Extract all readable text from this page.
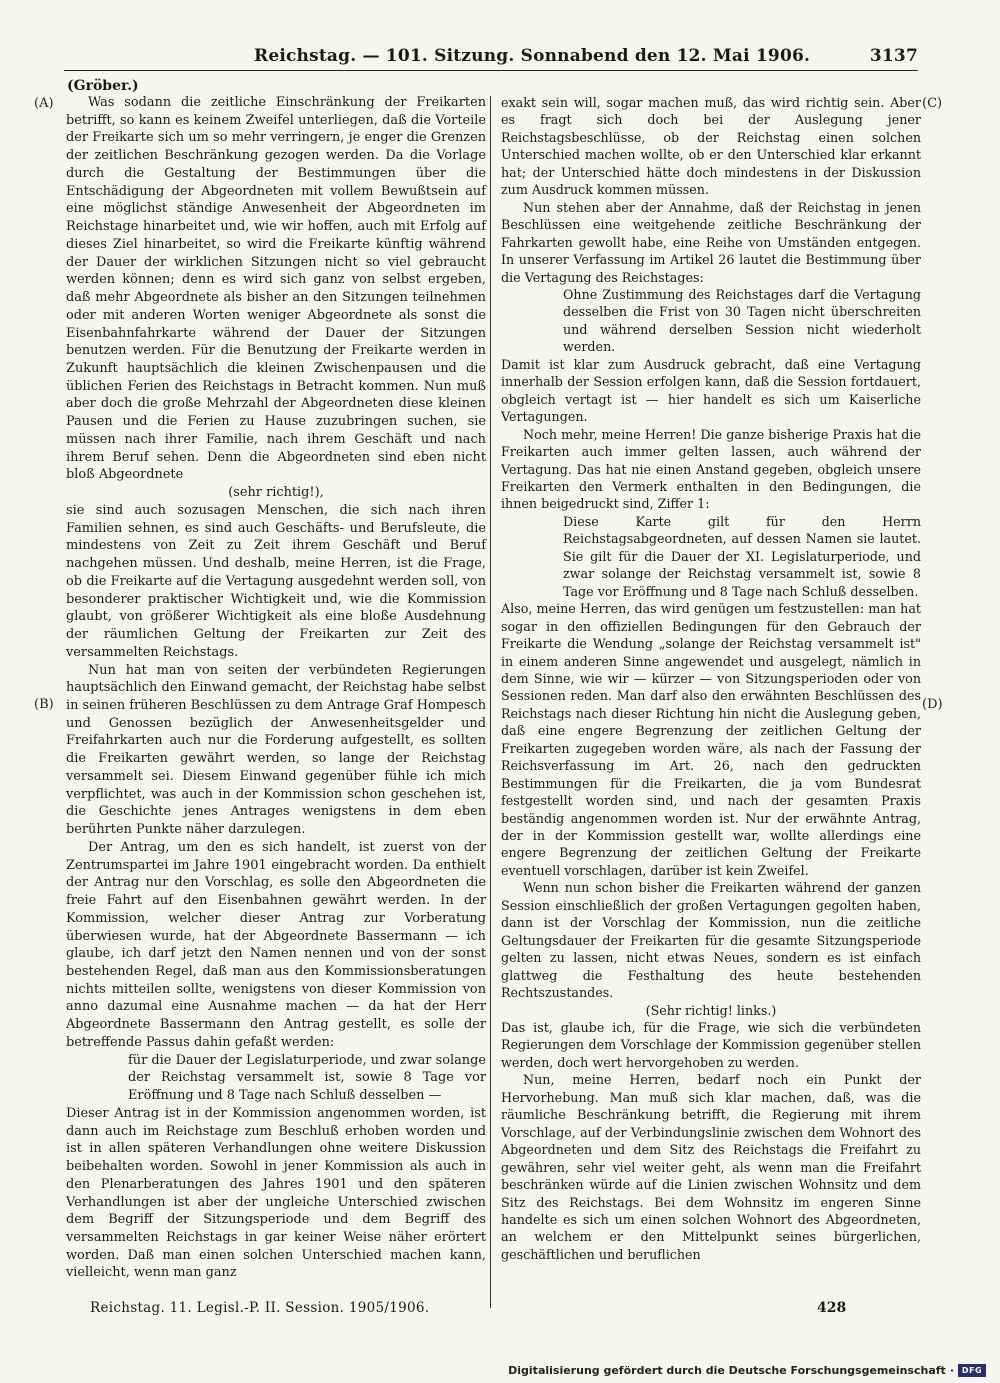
Reichstag. — 101. Sitzung. Sonnabend den 12. Mai 1906.	3137
(Gröber.)
(A)
(B)
(C)
(D)

Was sodann die zeitliche Einschränkung der Freikarten betrifft, so kann es keinem Zweifel unterliegen, daß die Vorteile der Freikarte sich um so mehr verringern, je enger die Grenzen der zeitlichen Beschränkung gezogen werden. Da die Vorlage durch die Gestaltung der Bestimmungen über die Entschädigung der Abgeordneten mit vollem Bewußtsein auf eine möglichst ständige Anwesenheit der Abgeordneten im Reichstage hinarbeitet und, wie wir hoffen, auch mit Erfolg auf dieses Ziel hinarbeitet, so wird die Freikarte künftig während der Dauer der wirklichen Sitzungen nicht so viel gebraucht werden können; denn es wird sich ganz von selbst ergeben, daß mehr Abgeordnete als bisher an den Sitzungen teilnehmen oder mit anderen Worten weniger Abgeordnete als sonst die Eisenbahnfahrkarte während der Dauer der Sitzungen benutzen werden. Für die Benutzung der Freikarte werden in Zukunft hauptsächlich die kleinen Zwischenpausen und die üblichen Ferien des Reichstags in Betracht kommen. Nun muß aber doch die große Mehrzahl der Abgeordneten diese kleinen Pausen und die Ferien zu Hause zuzubringen suchen, sie müssen nach ihrer Familie, nach ihrem Geschäft und nach ihrem Beruf sehen. Denn die Abgeordneten sind eben nicht bloß Abgeordnete

(sehr richtig!),

sie sind auch sozusagen Menschen, die sich nach ihren Familien sehnen, es sind auch Geschäfts- und Berufsleute, die mindestens von Zeit zu Zeit ihrem Geschäft und Beruf nachgehen müssen. Und deshalb, meine Herren, ist die Frage, ob die Freikarte auf die Vertagung ausgedehnt werden soll, von besonderer praktischer Wichtigkeit und, wie die Kommission glaubt, von größerer Wichtigkeit als eine bloße Ausdehnung der räumlichen Geltung der Freikarten zur Zeit des versammelten Reichstags.

Nun hat man von seiten der verbündeten Regierungen hauptsächlich den Einwand gemacht, der Reichstag habe selbst in seinen früheren Beschlüssen zu dem Antrage Graf Hompesch und Genossen bezüglich der Anwesenheitsgelder und Freifahrkarten auch nur die Forderung aufgestellt, es sollten die Freikarten gewährt werden, so lange der Reichstag versammelt sei. Diesem Einwand gegenüber fühle ich mich verpflichtet, was auch in der Kommission schon geschehen ist, die Geschichte jenes Antrages wenigstens in dem eben berührten Punkte näher darzulegen.

Der Antrag, um den es sich handelt, ist zuerst von der Zentrumspartei im Jahre 1901 eingebracht worden. Da enthielt der Antrag nur den Vorschlag, es solle den Abgeordneten die freie Fahrt auf den Eisenbahnen gewährt werden. In der Kommission, welcher dieser Antrag zur Vorberatung überwiesen wurde, hat der Abgeordnete Bassermann — ich glaube, ich darf jetzt den Namen nennen und von der sonst bestehenden Regel, daß man aus den Kommissionsberatungen nichts mitteilen sollte, wenigstens von dieser Kommission von anno dazumal eine Ausnahme machen — da hat der Herr Abgeordnete Bassermann den Antrag gestellt, es solle der betreffende Passus dahin gefaßt werden:

für die Dauer der Legislaturperiode, und zwar solange der Reichstag versammelt ist, sowie 8 Tage vor Eröffnung und 8 Tage nach Schluß desselben —

Dieser Antrag ist in der Kommission angenommen worden, ist dann auch im Reichstage zum Beschluß erhoben worden und ist in allen späteren Verhandlungen ohne weitere Diskussion beibehalten worden. Sowohl in jener Kommission als auch in den Plenarberatungen des Jahres 1901 und den späteren Verhandlungen ist aber der ungleiche Unterschied zwischen dem Begriff der Sitzungsperiode und dem Begriff des versammelten Reichstags in gar keiner Weise näher erörtert worden. Daß man einen solchen Unterschied machen kann, vielleicht, wenn man ganz

exakt sein will, sogar machen muß, das wird richtig sein. Aber es fragt sich doch bei der Auslegung jener Reichstagsbeschlüsse, ob der Reichstag einen solchen Unterschied machen wollte, ob er den Unterschied klar erkannt hat; der Unterschied hätte doch mindestens in der Diskussion zum Ausdruck kommen müssen.

Nun stehen aber der Annahme, daß der Reichstag in jenen Beschlüssen eine weitgehende zeitliche Beschränkung der Fahrkarten gewollt habe, eine Reihe von Umständen entgegen. In unserer Verfassung im Artikel 26 lautet die Bestimmung über die Vertagung des Reichstages:

Ohne Zustimmung des Reichstages darf die Vertagung desselben die Frist von 30 Tagen nicht überschreiten und während derselben Session nicht wiederholt werden.

Damit ist klar zum Ausdruck gebracht, daß eine Vertagung innerhalb der Session erfolgen kann, daß die Session fortdauert, obgleich vertagt ist — hier handelt es sich um Kaiserliche Vertagungen.

Noch mehr, meine Herren! Die ganze bisherige Praxis hat die Freikarten auch immer gelten lassen, auch während der Vertagung. Das hat nie einen Anstand gegeben, obgleich unsere Freikarten den Vermerk enthalten in den Bedingungen, die ihnen beigedruckt sind, Ziffer 1:

Diese Karte gilt für den Herrn Reichstagsabgeordneten, auf dessen Namen sie lautet. Sie gilt für die Dauer der XI. Legislaturperiode, und zwar solange der Reichstag versammelt ist, sowie 8 Tage vor Eröffnung und 8 Tage nach Schluß desselben.

Also, meine Herren, das wird genügen um festzustellen: man hat sogar in den offiziellen Bedingungen für den Gebrauch der Freikarte die Wendung „solange der Reichstag versammelt ist" in einem anderen Sinne angewendet und ausgelegt, nämlich in dem Sinne, wie wir — kürzer — von Sitzungsperioden oder von Sessionen reden. Man darf also den erwähnten Beschlüssen des Reichstags nach dieser Richtung hin nicht die Auslegung geben, daß eine engere Begrenzung der zeitlichen Geltung der Freikarten zugegeben worden wäre, als nach der Fassung der Reichsverfassung im Art. 26, nach den gedruckten Bestimmungen für die Freikarten, die ja vom Bundesrat festgestellt worden sind, und nach der gesamten Praxis beständig angenommen worden ist. Nur der erwähnte Antrag, der in der Kommission gestellt war, wollte allerdings eine engere Begrenzung der zeitlichen Geltung der Freikarte eventuell vorschlagen, darüber ist kein Zweifel.

Wenn nun schon bisher die Freikarten während der ganzen Session einschließlich der großen Vertagungen gegolten haben, dann ist der Vorschlag der Kommission, nun die zeitliche Geltungsdauer der Freikarten für die gesamte Sitzungsperiode gelten zu lassen, nicht etwas Neues, sondern es ist einfach glattweg die Festhaltung des heute bestehenden Rechtszustandes.

(Sehr richtig! links.)

Das ist, glaube ich, für die Frage, wie sich die verbündeten Regierungen dem Vorschlage der Kommission gegenüber stellen werden, doch wert hervorgehoben zu werden.

Nun, meine Herren, bedarf noch ein Punkt der Hervorhebung. Man muß sich klar machen, daß, was die räumliche Beschränkung betrifft, die Regierung mit ihrem Vorschlage, auf der Verbindungslinie zwischen dem Wohnort des Abgeordneten und dem Sitz des Reichstags die Freifahrt zu gewähren, sehr viel weiter geht, als wenn man die Freifahrt beschränken würde auf die Linien zwischen Wohnsitz und dem Sitz des Reichstags. Bei dem Wohnsitz im engeren Sinne handelte es sich um einen solchen Wohnort des Abgeordneten, an welchem er den Mittelpunkt seines bürgerlichen, geschäftlichen und beruflichen

Reichstag. 11. Legisl.-P. II. Session. 1905/1906.	428
Digitalisierung gefördert durch die Deutsche Forschungsgemeinschaft · DFG
